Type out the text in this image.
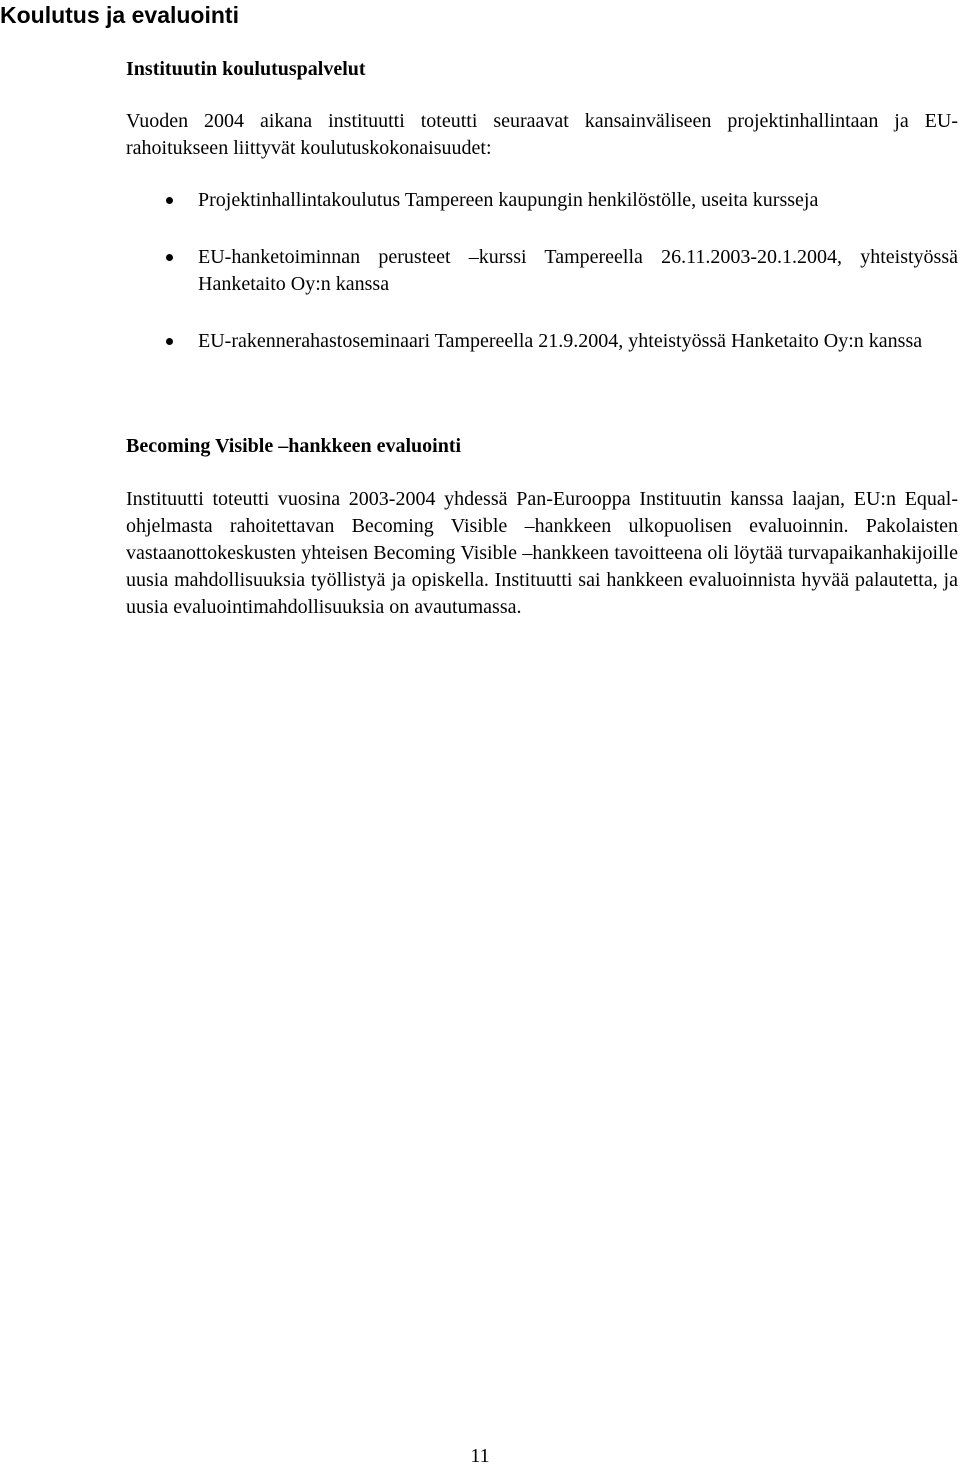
Koulutus ja evaluointi
Instituutin koulutuspalvelut

Vuoden 2004 aikana instituutti toteutti seuraavat kansainväliseen projektinhallintaan ja EU-rahoitukseen liittyvät koulutuskokonaisuudet:

Projektinhallintakoulutus Tampereen kaupungin henkilöstölle, useita kursseja
EU-hanketoiminnan perusteet –kurssi Tampereella 26.11.2003-20.1.2004, yhteistyössä Hanketaito Oy:n kanssa
EU-rakennerahastoseminaari Tampereella 21.9.2004, yhteistyössä Hanketaito Oy:n kanssa
Becoming Visible –hankkeen evaluointi

Instituutti toteutti vuosina 2003-2004 yhdessä Pan-Eurooppa Instituutin kanssa laajan, EU:n Equal-ohjelmasta rahoitettavan Becoming Visible –hankkeen ulkopuolisen evaluoinnin. Pakolaisten vastaanottokeskusten yhteisen Becoming Visible –hankkeen tavoitteena oli löytää turvapaikanhakijoille uusia mahdollisuuksia työllistyä ja opiskella. Instituutti sai hankkeen evaluoinnista hyvää palautetta, ja uusia evaluointimahdollisuuksia on avautumassa.

11
